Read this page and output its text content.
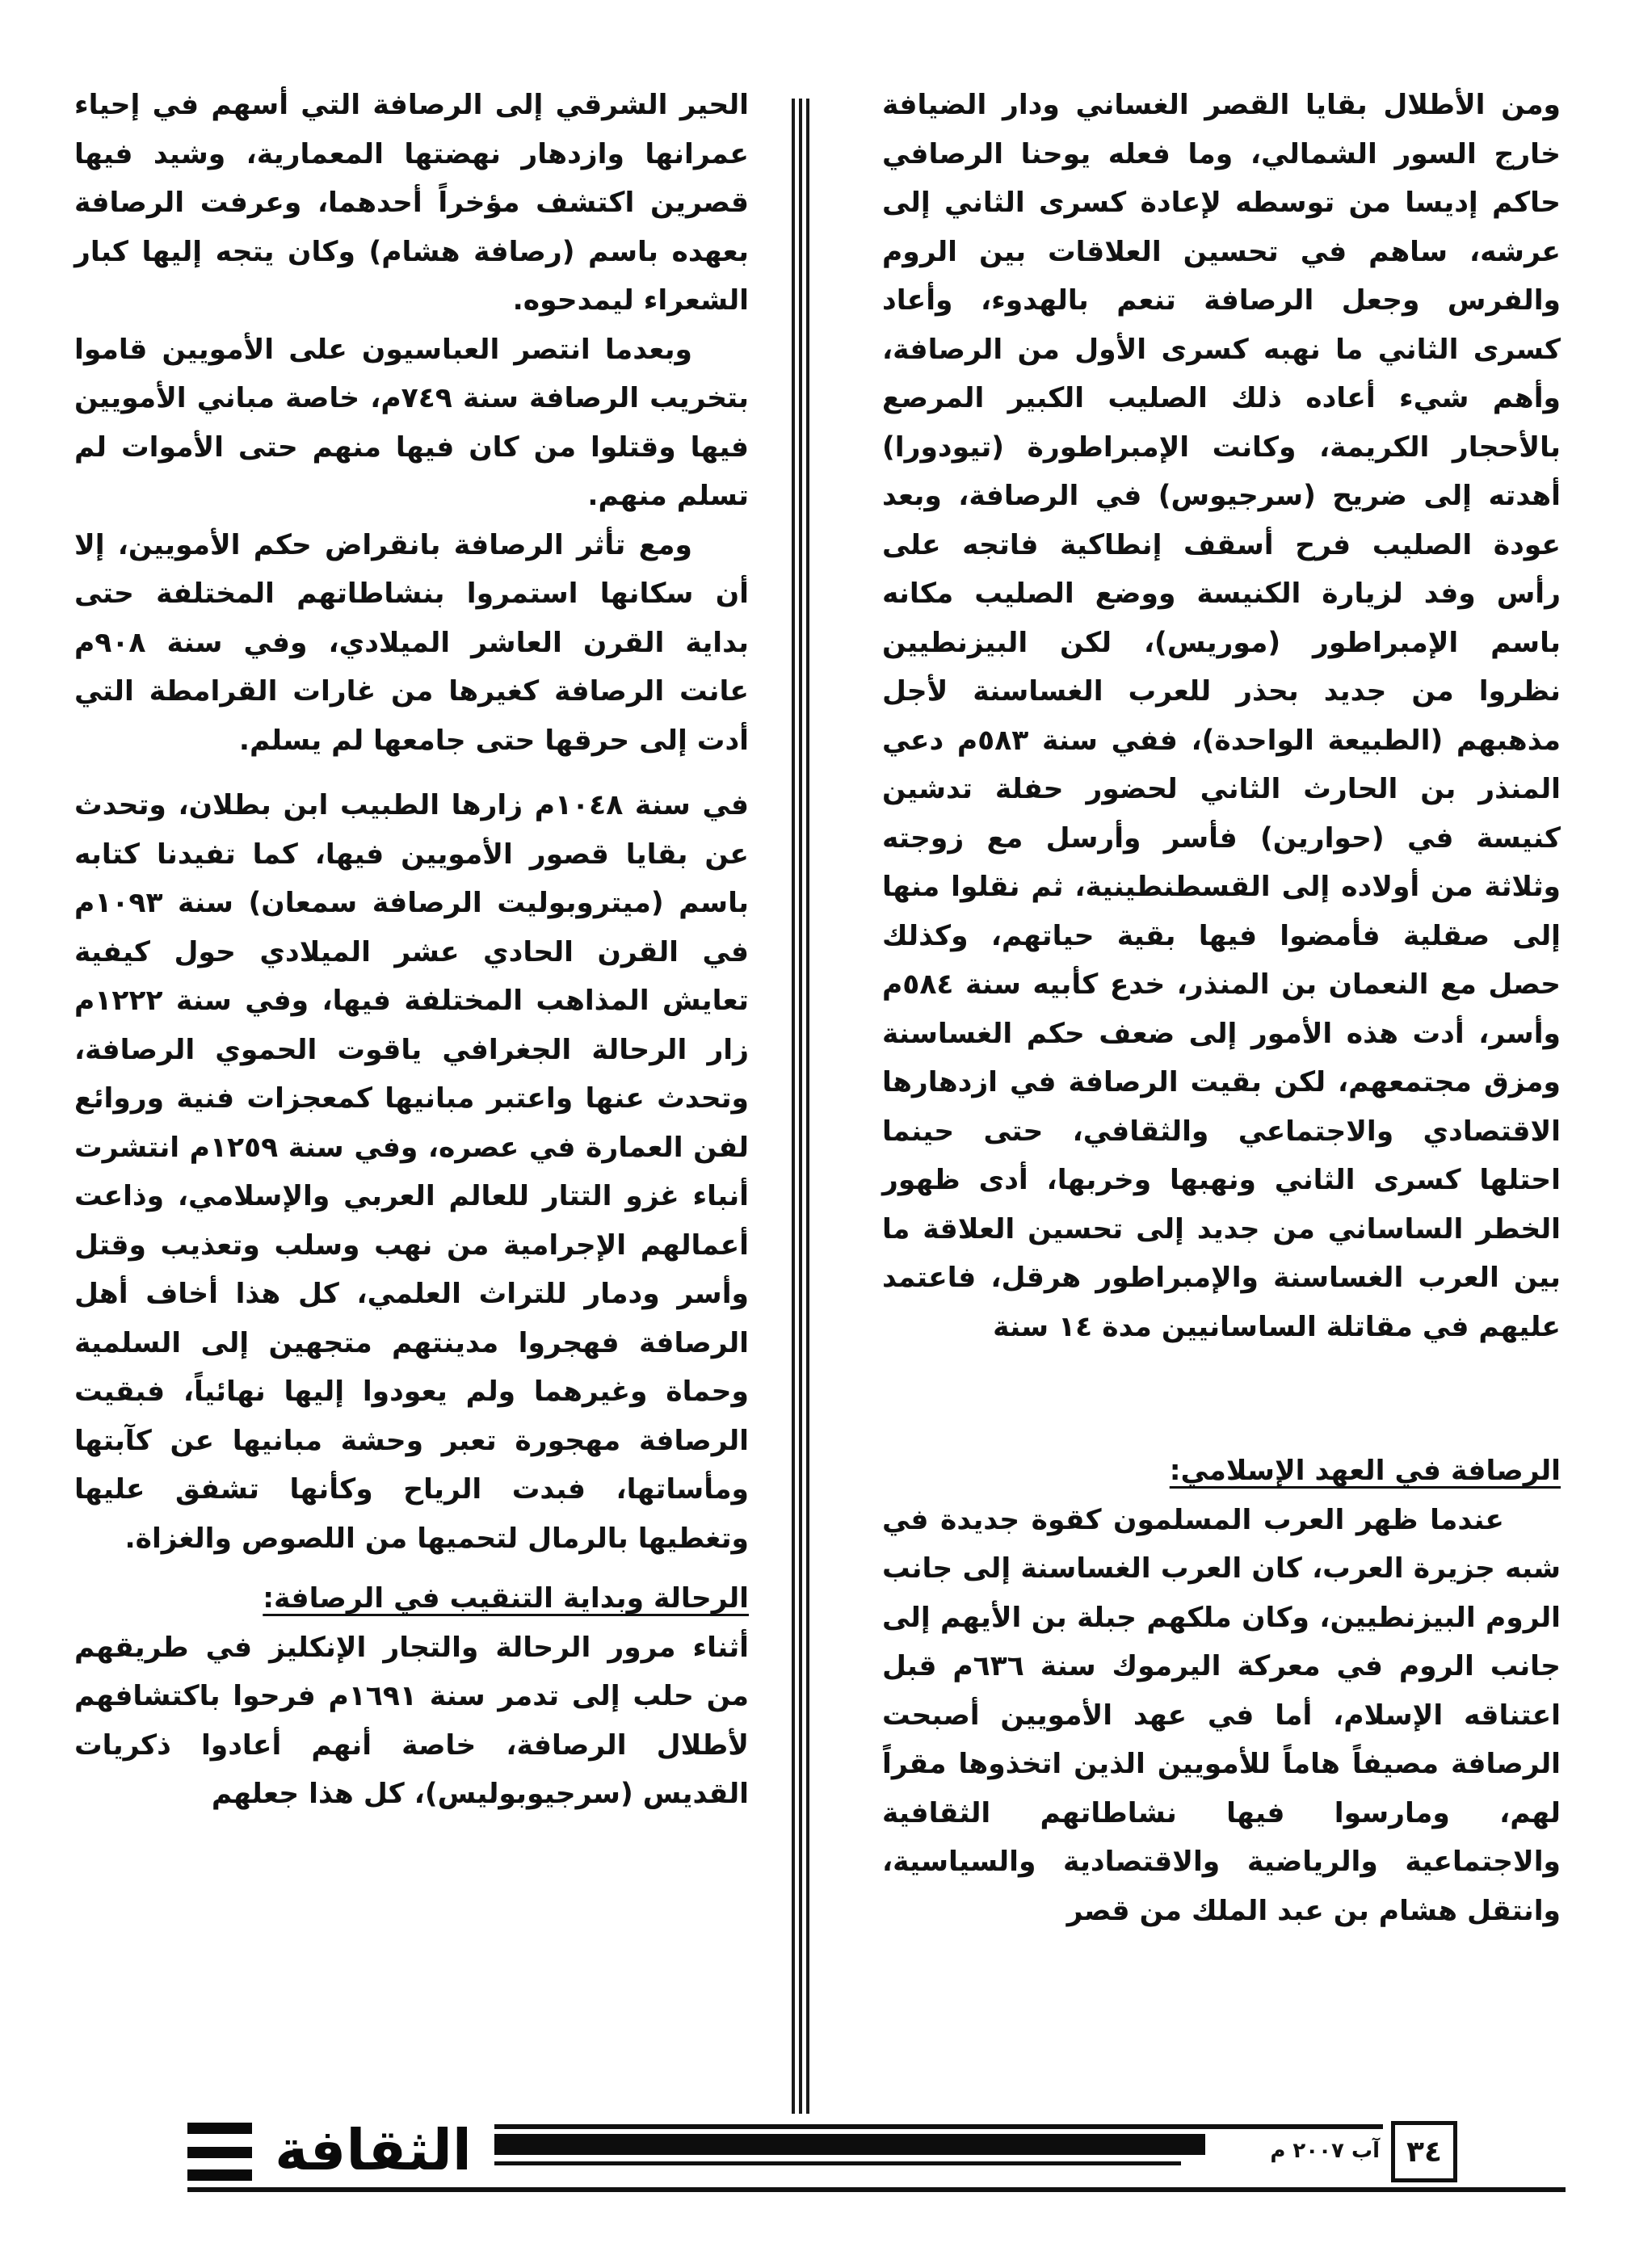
ومن الأطلال بقايا القصر الغساني ودار الضيافة خارج السور الشمالي، وما فعله يوحنا الرصافي حاكم إديسا من توسطه لإعادة كسرى الثاني إلى عرشه، ساهم في تحسين العلاقات بين الروم والفرس وجعل الرصافة تنعم بالهدوء، وأعاد كسرى الثاني ما نهبه كسرى الأول من الرصافة، وأهم شيء أعاده ذلك الصليب الكبير المرصع بالأحجار الكريمة، وكانت الإمبراطورة (تيودورا) أهدته إلى ضريح (سرجيوس) في الرصافة، وبعد عودة الصليب فرح أسقف إنطاكية فاتجه على رأس وفد لزيارة الكنيسة ووضع الصليب مكانه باسم الإمبراطور (موريس)، لكن البيزنطيين نظروا من جديد بحذر للعرب الغساسنة لأجل مذهبهم (الطبيعة الواحدة)، ففي سنة ٥٨٣م دعي المنذر بن الحارث الثاني لحضور حفلة تدشين كنيسة في (حوارين) فأسر وأرسل مع زوجته وثلاثة من أولاده إلى القسطنطينية، ثم نقلوا منها إلى صقلية فأمضوا فيها بقية حياتهم، وكذلك حصل مع النعمان بن المنذر، خدع كأبيه سنة ٥٨٤م وأسر، أدت هذه الأمور إلى ضعف حكم الغساسنة ومزق مجتمعهم، لكن بقيت الرصافة في ازدهارها الاقتصادي والاجتماعي والثقافي، حتى حينما احتلها كسرى الثاني ونهبها وخربها، أدى ظهور الخطر الساساني من جديد إلى تحسين العلاقة ما بين العرب الغساسنة والإمبراطور هرقل، فاعتمد عليهم في مقاتلة الساسانيين مدة ١٤ سنة

الرصافة في العهد الإسلامي:

عندما ظهر العرب المسلمون كقوة جديدة في شبه جزيرة العرب، كان العرب الغساسنة إلى جانب الروم البيزنطيين، وكان ملكهم جبلة بن الأيهم إلى جانب الروم في معركة اليرموك سنة ٦٣٦م قبل اعتناقه الإسلام، أما في عهد الأمويين أصبحت الرصافة مصيفاً هاماً للأمويين الذين اتخذوها مقراً لهم، ومارسوا فيها نشاطاتهم الثقافية والاجتماعية والرياضية والاقتصادية والسياسية، وانتقل هشام بن عبد الملك من قصر

الحير الشرقي إلى الرصافة التي أسهم في إحياء عمرانها وازدهار نهضتها المعمارية، وشيد فيها قصرين اكتشف مؤخراً أحدهما، وعرفت الرصافة بعهده باسم (رصافة هشام) وكان يتجه إليها كبار الشعراء ليمدحوه.

وبعدما انتصر العباسيون على الأمويين قاموا بتخريب الرصافة سنة ٧٤٩م، خاصة مباني الأمويين فيها وقتلوا من كان فيها منهم حتى الأموات لم تسلم منهم.

ومع تأثر الرصافة بانقراض حكم الأمويين، إلا أن سكانها استمروا بنشاطاتهم المختلفة حتى بداية القرن العاشر الميلادي، وفي سنة ٩٠٨م عانت الرصافة كغيرها من غارات القرامطة التي أدت إلى حرقها حتى جامعها لم يسلم.

في سنة ١٠٤٨م زارها الطبيب ابن بطلان، وتحدث عن بقايا قصور الأمويين فيها، كما تفيدنا كتابه باسم (ميتروبوليت الرصافة سمعان) سنة ١٠٩٣م في القرن الحادي عشر الميلادي حول كيفية تعايش المذاهب المختلفة فيها، وفي سنة ١٢٢٢م زار الرحالة الجغرافي ياقوت الحموي الرصافة، وتحدث عنها واعتبر مبانيها كمعجزات فنية وروائع لفن العمارة في عصره، وفي سنة ١٢٥٩م انتشرت أنباء غزو التتار للعالم العربي والإسلامي، وذاعت أعمالهم الإجرامية من نهب وسلب وتعذيب وقتل وأسر ودمار للتراث العلمي، كل هذا أخاف أهل الرصافة فهجروا مدينتهم متجهين إلى السلمية وحماة وغيرهما ولم يعودوا إليها نهائياً، فبقيت الرصافة مهجورة تعبر وحشة مبانيها عن كآبتها ومأساتها، فبدت الرياح وكأنها تشفق عليها وتغطيها بالرمال لتحميها من اللصوص والغزاة.

الرحالة وبداية التنقيب في الرصافة:

أثناء مرور الرحالة والتجار الإنكليز في طريقهم من حلب إلى تدمر سنة ١٦٩١م فرحوا باكتشافهم لأطلال الرصافة، خاصة أنهم أعادوا ذكريات القديس (سرجيوبوليس)، كل هذا جعلهم

الثقافة	آب ٢٠٠٧ م ٣٤
